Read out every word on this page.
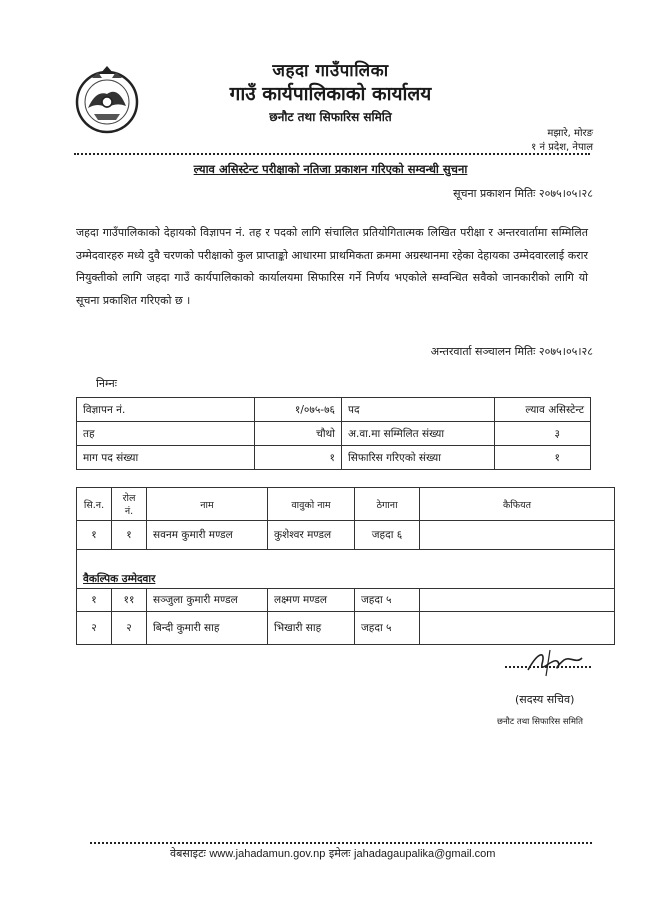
जहदा गाउँपालिका
गाउँ कार्यपालिकाको कार्यालय
छनौट तथा सिफारिस समिति
मझारे, मोरङ
१ नं प्रदेश, नेपाल
ल्याव असिस्टेन्ट परीक्षाको नतिजा प्रकाशन गरिएको सम्वन्धी सुचना
सूचना प्रकाशन मितिः २०७५।०५।२८
जहदा गाउँपालिकाको देहायको विज्ञापन नं. तह र पदको लागि संचालित प्रतियोगितात्मक लिखित परीक्षा र अन्तरवार्तामा सम्मिलित उम्मेदवारहरु मध्ये दुवै चरणको परीक्षाको कुल प्राप्ताङ्को आधारमा प्राथमिकता क्रममा अग्रस्थानमा रहेका देहायका उम्मेदवारलाई करार नियुक्तीको लागि जहदा गाउँ कार्यपालिकाको कार्यालयमा सिफारिस गर्ने निर्णय भएकोले सम्वन्धित सवैको जानकारीको लागि यो सूचना प्रकाशित गरिएको छ ।
अन्तरवार्ता सञ्चालन मितिः २०७५।०५।२८
निम्नः
विज्ञापन नं.	१/०७५-७६	पद	ल्याव असिस्टेन्ट
तह	चौथो	अ.वा.मा सम्मिलित संख्या	३
माग पद संख्या	१	सिफारिस गरिएको संख्या	१
सि.न.	रोल नं.	नाम	वावुको नाम	ठेगाना	कैफियत
१	१	सवनम कुमारी मण्डल	कुशेश्वर मण्डल	जहदा ६	
वैकल्पिक उम्मेदवार					
१	११	सञ्जुला कुमारी मण्डल	लक्ष्मण मण्डल	जहदा ५	
२	२	बिन्दी कुमारी साह	भिखारी साह	जहदा ५	
(सदस्य सचिव)
छनौट तथा सिफारिस समिति
वेबसाइटः www.jahadamun.gov.np इमेलः jahadagaupalika@gmail.com
